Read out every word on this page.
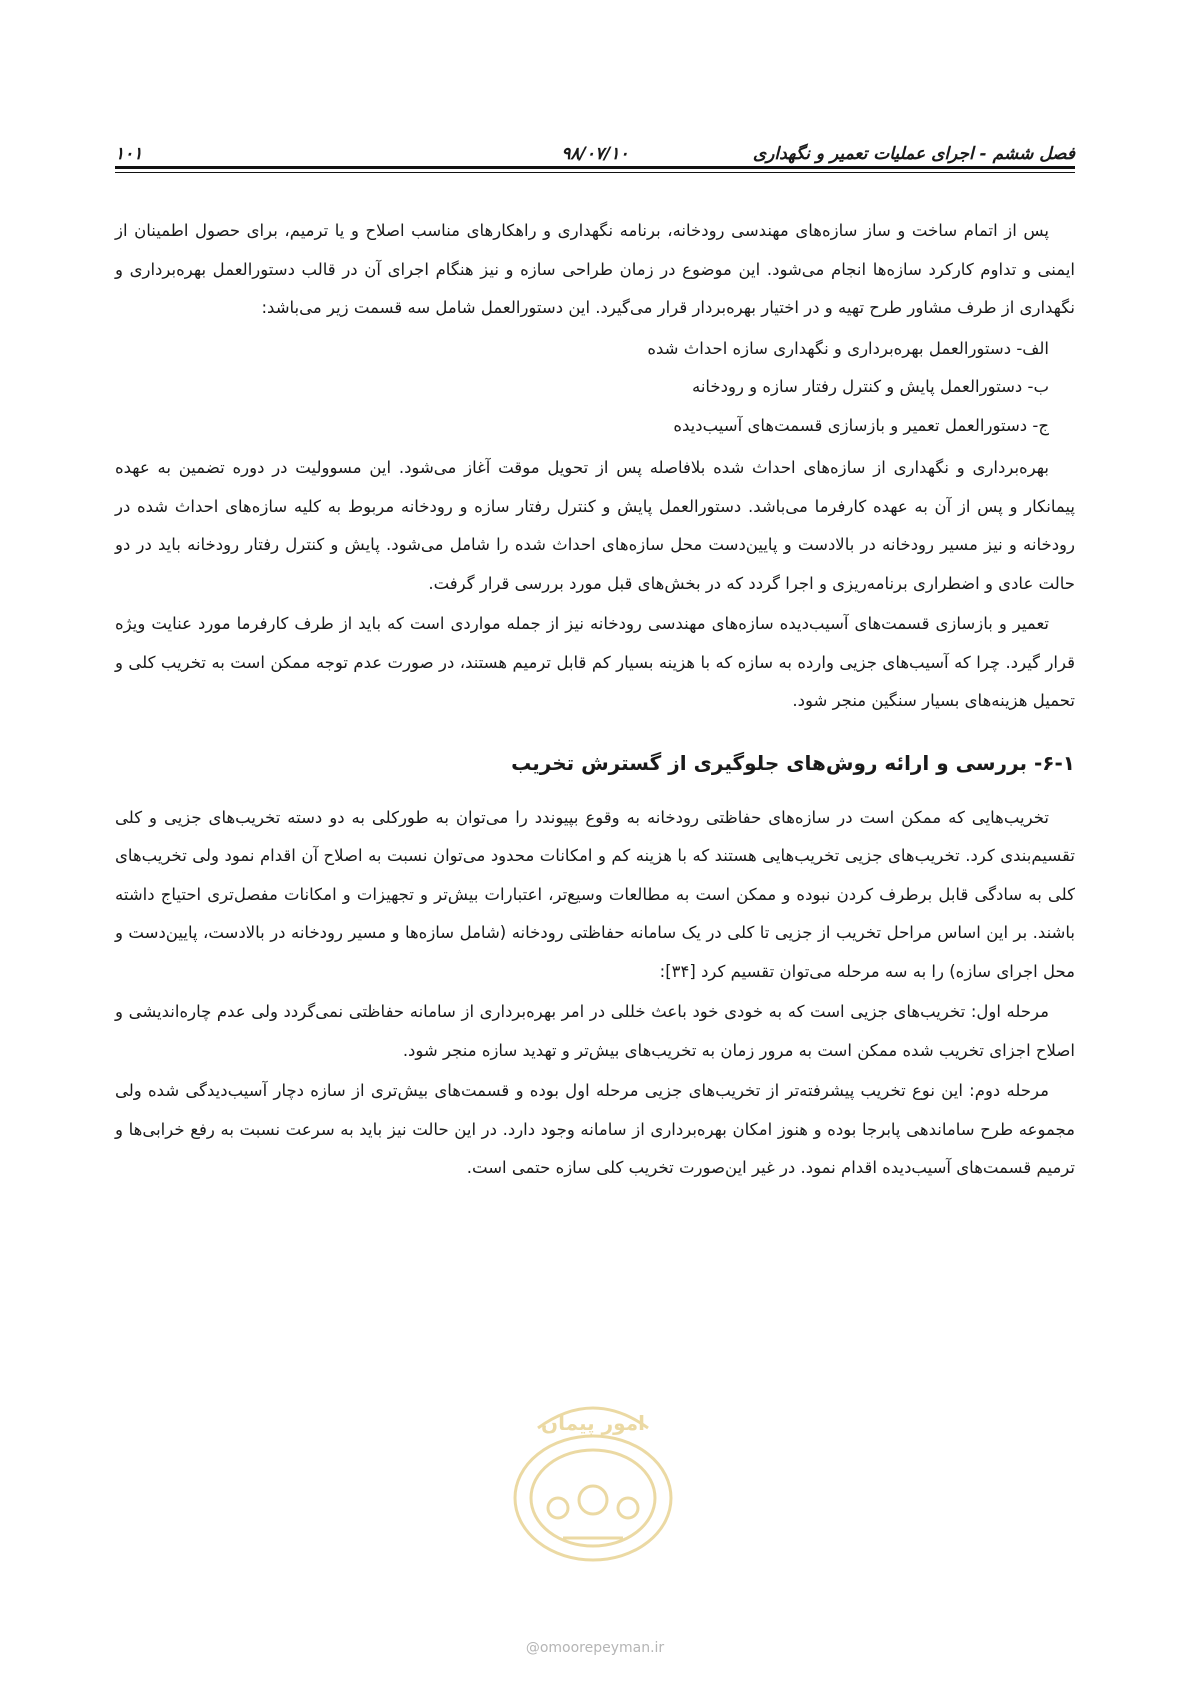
فصل ششم - اجرای عملیات تعمیر و نگهداری
۹۸/۰۷/۱۰
۱۰۱

پس از اتمام ساخت و ساز سازه‌های مهندسی رودخانه، برنامه نگهداری و راهکارهای مناسب اصلاح و یا ترمیم، برای حصول اطمینان از ایمنی و تداوم کارکرد سازه‌ها انجام می‌شود. این موضوع در زمان طراحی سازه و نیز هنگام اجرای آن در قالب دستورالعمل بهره‌برداری و نگهداری از طرف مشاور طرح تهیه و در اختیار بهره‌بردار قرار می‌گیرد. این دستورالعمل شامل سه قسمت زیر می‌باشد:

الف- دستورالعمل بهره‌برداری و نگهداری سازه احداث شده
ب- دستورالعمل پایش و کنترل رفتار سازه و رودخانه
ج- دستورالعمل تعمیر و بازسازی قسمت‌های آسیب‌دیده

بهره‌برداری و نگهداری از سازه‌های احداث شده بلافاصله پس از تحویل موقت آغاز می‌شود. این مسوولیت در دوره تضمین به عهده پیمانکار و پس از آن به عهده کارفرما می‌باشد. دستورالعمل پایش و کنترل رفتار سازه و رودخانه مربوط به کلیه سازه‌های احداث شده در رودخانه و نیز مسیر رودخانه در بالادست و پایین‌دست محل سازه‌های احداث شده را شامل می‌شود. پایش و کنترل رفتار رودخانه باید در دو حالت عادی و اضطراری برنامه‌ریزی و اجرا گردد که در بخش‌های قبل مورد بررسی قرار گرفت.

تعمیر و بازسازی قسمت‌های آسیب‌دیده سازه‌های مهندسی رودخانه نیز از جمله مواردی است که باید از طرف کارفرما مورد عنایت ویژه قرار گیرد. چرا که آسیب‌های جزیی وارده به سازه که با هزینه بسیار کم قابل ترمیم هستند، در صورت عدم توجه ممکن است به تخریب کلی و تحمیل هزینه‌های بسیار سنگین منجر شود.

۶-۱- بررسی و ارائه روش‌های جلوگیری از گسترش تخریب

تخریب‌هایی که ممکن است در سازه‌های حفاظتی رودخانه به وقوع بپیوندد را می‌توان به طورکلی به دو دسته تخریب‌های جزیی و کلی تقسیم‌بندی کرد. تخریب‌های جزیی تخریب‌هایی هستند که با هزینه کم و امکانات محدود می‌توان نسبت به اصلاح آن اقدام نمود ولی تخریب‌های کلی به سادگی قابل برطرف کردن نبوده و ممکن است به مطالعات وسیع‌تر، اعتبارات بیش‌تر و تجهیزات و امکانات مفصل‌تری احتیاج داشته باشند. بر این اساس مراحل تخریب از جزیی تا کلی در یک سامانه حفاظتی رودخانه (شامل سازه‌ها و مسیر رودخانه در بالادست، پایین‌دست و محل اجرای سازه) را به سه مرحله می‌توان تقسیم کرد [۳۴]:

مرحله اول: تخریب‌های جزیی است که به خودی خود باعث خللی در امر بهره‌برداری از سامانه حفاظتی نمی‌گردد ولی عدم چاره‌اندیشی و اصلاح اجزای تخریب شده ممکن است به مرور زمان به تخریب‌های بیش‌تر و تهدید سازه منجر شود.

مرحله دوم: این نوع تخریب پیشرفته‌تر از تخریب‌های جزیی مرحله اول بوده و قسمت‌های بیش‌تری از سازه دچار آسیب‌دیدگی شده ولی مجموعه طرح ساماندهی پابرجا بوده و هنوز امکان بهره‌برداری از سامانه وجود دارد. در این حالت نیز باید به سرعت نسبت به رفع خرابی‌ها و ترمیم قسمت‌های آسیب‌دیده اقدام نمود. در غیر این‌صورت تخریب کلی سازه حتمی است.

امور پیمان
@omoorepeyman.ir
